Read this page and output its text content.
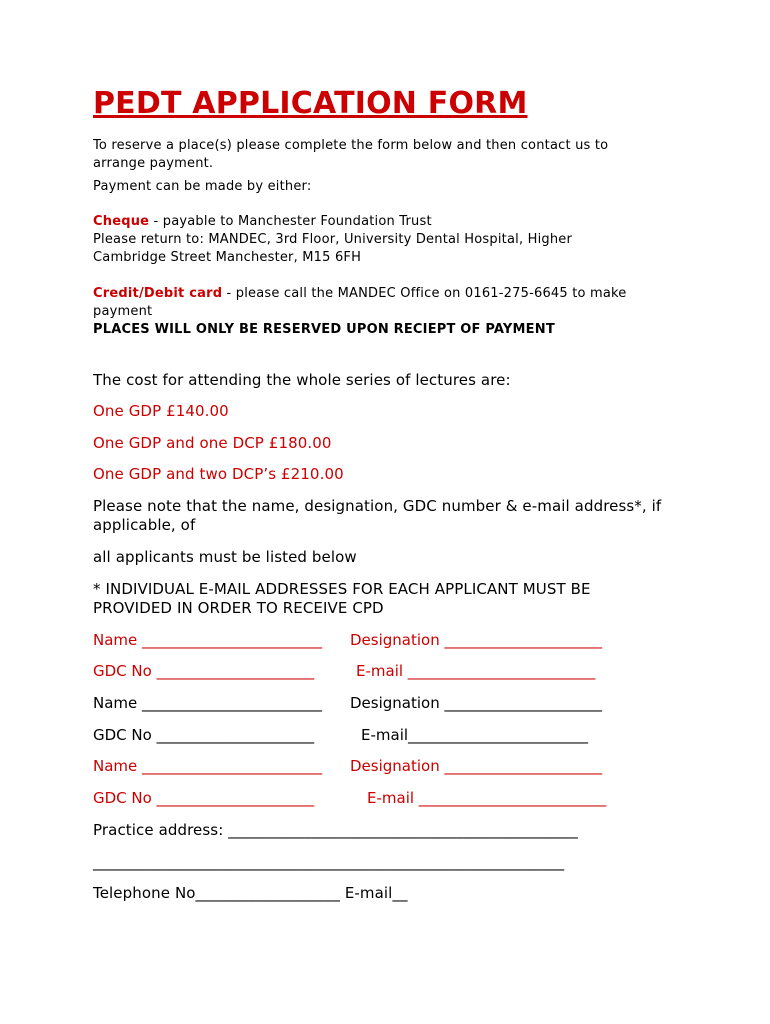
PEDT APPLICATION FORM
To reserve a place(s) please complete the form below and then contact us to
arrange payment.
Payment can be made by either:
Cheque - payable to Manchester Foundation Trust
Please return to: MANDEC, 3rd Floor, University Dental Hospital, Higher
Cambridge Street Manchester, M15 6FH
Credit/Debit card - please call the MANDEC Office on 0161-275-6645 to make
payment
PLACES WILL ONLY BE RESERVED UPON RECIEPT OF PAYMENT
The cost for attending the whole series of lectures are:
One GDP £140.00
One GDP and one DCP £180.00
One GDP and two DCP’s £210.00
Please note that the name, designation, GDC number & e-mail address*, if
applicable, of
all applicants must be listed below
* INDIVIDUAL E-MAIL ADDRESSES FOR EACH APPLICANT MUST BE
PROVIDED IN ORDER TO RECEIVE CPD
Name ________________________ Designation _____________________
GDC No _____________________	E-mail _________________________
Name ________________________ Designation _____________________
GDC No _____________________	E-mail________________________
Name ________________________ Designation _____________________
GDC No _____________________	E-mail _________________________
Practice address: ______________________________________________
______________________________________________________________
Telephone No___________________ E-mail__
